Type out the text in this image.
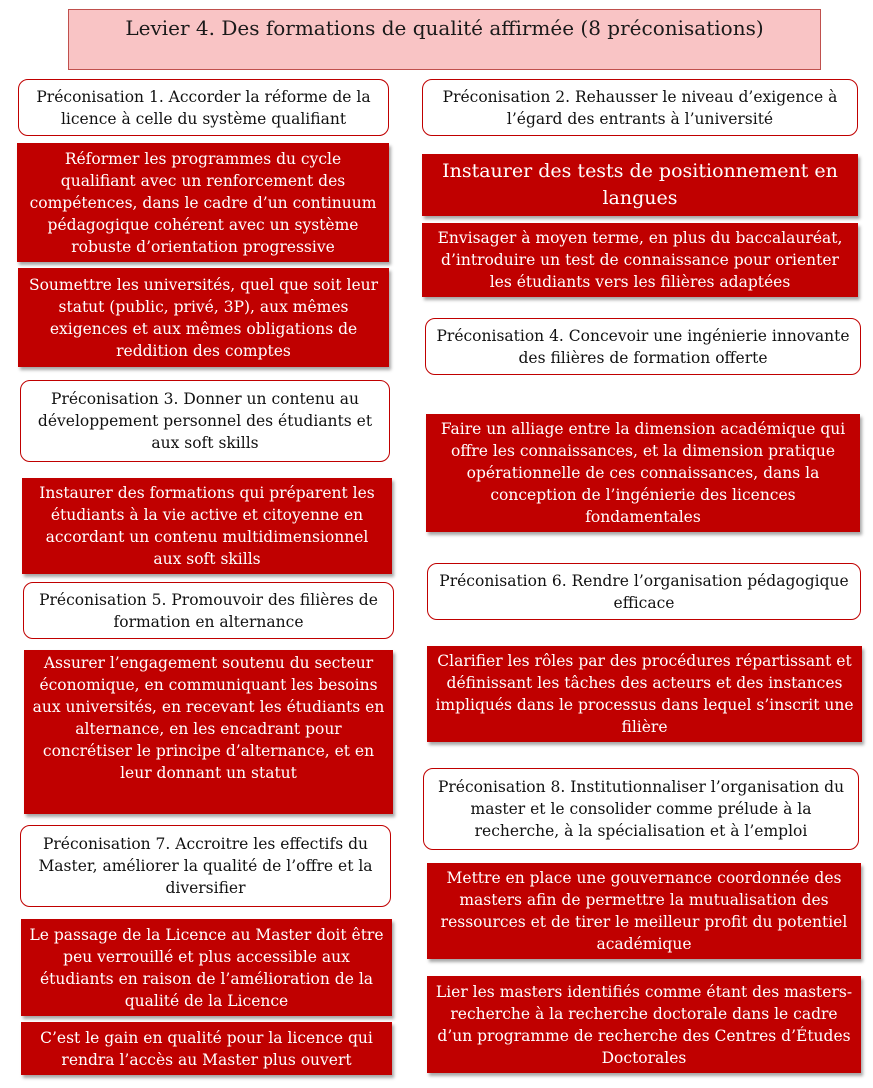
Levier 4. Des formations de qualité affirmée (8 préconisations)
Préconisation 1. Accorder la réforme de la licence à celle du système qualifiant
Réformer les programmes du cycle qualifiant avec un renforcement des compétences, dans le cadre d’un continuum pédagogique cohérent avec un système robuste d’orientation progressive
Soumettre les universités, quel que soit leur statut (public, privé, 3P), aux mêmes exigences et aux mêmes obligations de reddition des comptes
Préconisation 3. Donner un contenu au développement personnel des étudiants et aux soft skills
Instaurer des formations qui préparent les étudiants à la vie active et citoyenne en accordant un contenu multidimensionnel aux soft skills
Préconisation 5. Promouvoir des filières de formation en alternance
Assurer l’engagement soutenu du secteur économique, en communiquant les besoins aux universités, en recevant les étudiants en alternance, en les encadrant pour concrétiser le principe d’alternance, et en leur donnant un statut
Préconisation 7. Accroitre les effectifs du Master, améliorer la qualité de l’offre et la diversifier
Le passage de la Licence au Master doit être peu verrouillé et plus accessible aux étudiants en raison de l’amélioration de la qualité de la Licence
C’est le gain en qualité pour la licence qui rendra l’accès au Master plus ouvert
Préconisation 2. Rehausser le niveau d’exigence à l’égard des entrants à l’université
Instaurer des tests de positionnement en langues
Envisager à moyen terme, en plus du baccalauréat, d’introduire un test de connaissance pour orienter les étudiants vers les filières adaptées
Préconisation 4. Concevoir une ingénierie innovante des filières de formation offerte
Faire un alliage entre la dimension académique qui offre les connaissances, et la dimension pratique opérationnelle de ces connaissances, dans la conception de l’ingénierie des licences fondamentales
Préconisation 6. Rendre l’organisation pédagogique efficace
Clarifier les rôles par des procédures répartissant et définissant les tâches des acteurs et des instances impliqués dans le processus dans lequel s’inscrit une filière
Préconisation 8. Institutionnaliser l’organisation du master et le consolider comme prélude à la recherche, à la spécialisation et à l’emploi
Mettre en place une gouvernance coordonnée des masters afin de permettre la mutualisation des ressources et de tirer le meilleur profit du potentiel académique
Lier les masters identifiés comme étant des masters-recherche à la recherche doctorale dans le cadre d’un programme de recherche des Centres d’Études Doctorales
